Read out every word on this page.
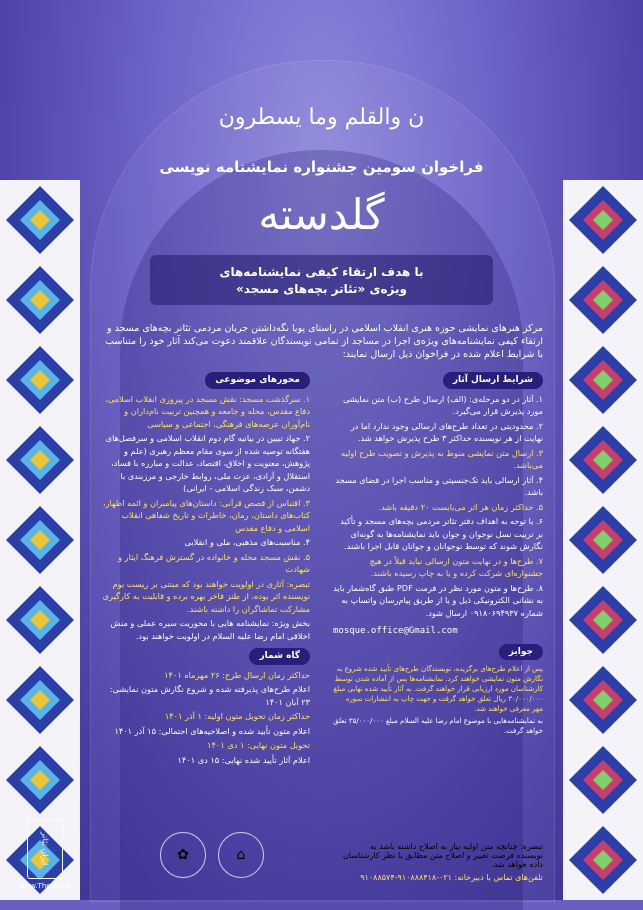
ن والقلم وما یسطرون
فراخوان سومین جشنواره نمایشنامه نویسی
گلدسته
با هدف ارتقاء کیفی نمایشنامه‌های
ویژه‌ی «تئاتر بچه‌های مسجد»
مرکز هنرهای نمایشی حوزه هنری انقلاب اسلامی در راستای پویا نگه‌داشتن جریان مردمی تئاتر بچه‌های مسجد و ارتقاء کیفی نمایشنامه‌های ویژه‌ی اجرا در مساجد از تمامی نویسندگان علاقمند دعوت می‌کند آثار خود را متناسب با شرایط اعلام شده در فراخوان ذیل ارسال نمایند:
شرایط ارسال آثار

۱. آثار در دو مرحله‌ی: (الف) ارسال طرح (ب) متن نمایشی مورد پذیرش قرار می‌گیرد.

۲. محدودیتی در تعداد طرح‌های ارسالی وجود ندارد اما در نهایت از هر نویسنده حداکثر ۳ طرح پذیرش خواهد شد.

۳. ارسال متن نمایشی منوط به پذیرش و تصویب طرح اولیه می‌باشد.

۴. آثار ارسالی باید تک‌جنسیتی و مناسب اجرا در فضای مسجد باشد.

۵. حداکثر زمان هر اثر می‌بایست ۲۰ دقیقه باشد.

۶. با توجه به اهداف دفتر تئاتر مردمی بچه‌های مسجد و تأکید بر تربیت نسل نوجوان و جوان باید نمایشنامه‌ها به گونه‌ای نگارش شوند که توسط نوجوانان و جوانان قابل اجرا باشند.

۷. طرح‌ها و در نهایت متون ارسالی نباید قبلاً در هیچ جشنواره‌ای شرکت کرده و یا به چاپ رسیده باشند.

۸. طرح‌ها و متون مورد نظر در فرمت PDF طبق گاه‌شمار باید به نشانی الکترونیکی ذیل و یا از طریق پیام‌رسان واتساپ به شماره ۰۹۱۸۰۶۹۴۹۳۷ ارسال شود.

mosque.office@Gmail.com
جوایز

پس از اعلام طرح‌های برگزیده، نویسندگان طرح‌های تأیید شده شروع به نگارش متون نمایشی خواهند کرد. نمایشنامه‌ها پس از آماده شدن توسط کارشناسان مورد ارزیابی قرار خواهند گرفت. به آثار تأیید شده نهایی مبلغ ۳۰/۰۰۰/۰۰۰ ریال تعلق خواهد گرفت و جهت چاپ به انتشارات سوره مهر معرفی خواهند شد.

به نمایشنامه‌هایی با موضوع امام رضا علیه السلام مبلغ ۳۵/۰۰۰/۰۰۰ تعلق خواهد گرفت.

محورهای موضوعی

۱. سرگذشت مسجد: نقش مسجد در پیروزی انقلاب اسلامی، دفاع مقدس، محله و جامعه و همچنین تربیت نام‌داران و نام‌آوران عرصه‌های فرهنگی، اجتماعی و سیاسی

۲. جهاد تبیین در بیانیه گام دوم انقلاب اسلامی و سرفصل‌های هفتگانه توصیه شده از سوی مقام معظم رهبری (علم و پژوهش، معنویت و اخلاق، اقتصاد، عدالت و مبارزه با فساد، استقلال و آزادی، عزت ملی، روابط خارجی و مرزبندی با دشمن، سبک زندگی اسلامی - ایرانی)

۳. اقتباس از قصص قرآنی: داستان‌های پیامبران و ائمه اطهار، کتاب‌های داستان، رمان، خاطرات و تاریخ شفاهی انقلاب اسلامی و دفاع مقدس

۴. مناسبت‌های مذهبی، ملی و انقلابی

۵. نقش مسجد محله و خانواده در گسترش فرهنگ ایثار و شهادت

تبصره: آثاری در اولویت خواهند بود که مبتنی بر زیست بوم نویسنده اثر بوده، از طنز فاخر بهره برده و قابلیت به کارگیری مشارکت تماشاگران را داشته باشند.

بخش ویژه: نمایشنامه هایی با محوریت سیره عملی و منش اخلاقی امام رضا علیه السلام در اولویت خواهند بود.

گاه شمار

حداکثر زمان ارسال طرح: ۲۶ مهرماه ۱۴۰۱

اعلام طرح‌های پذیرفته شده و شروع نگارش متون نمایشی: ۲۳ آبان ۱۴۰۱

حداکثر زمان تحویل متون اولیه: ۱ آذر ۱۴۰۱

اعلام متون تأیید شده و اصلاحیه‌های احتمالی: ۱۵ آذر ۱۴۰۱

تحویل متون نهایی: ۱ دی ۱۴۰۱

اعلام آثار تأیید شده نهایی: ۱۵ دی ۱۴۰۱

ایران تئاتر
www.Theater.ir
✿	⌂
تبصره: چنانچه متن اولیه نیاز به اصلاح داشته باشد به نویسنده فرصت تغییر و اصلاح متن مطابق با نظر کارشناسان داده خواهد شد.
تلفن‌های تماس با دبیرخانه: ۰۲۱-۹۱۰۸۸۸۴۱۸-۹۱۰۸۸۵۷۴
